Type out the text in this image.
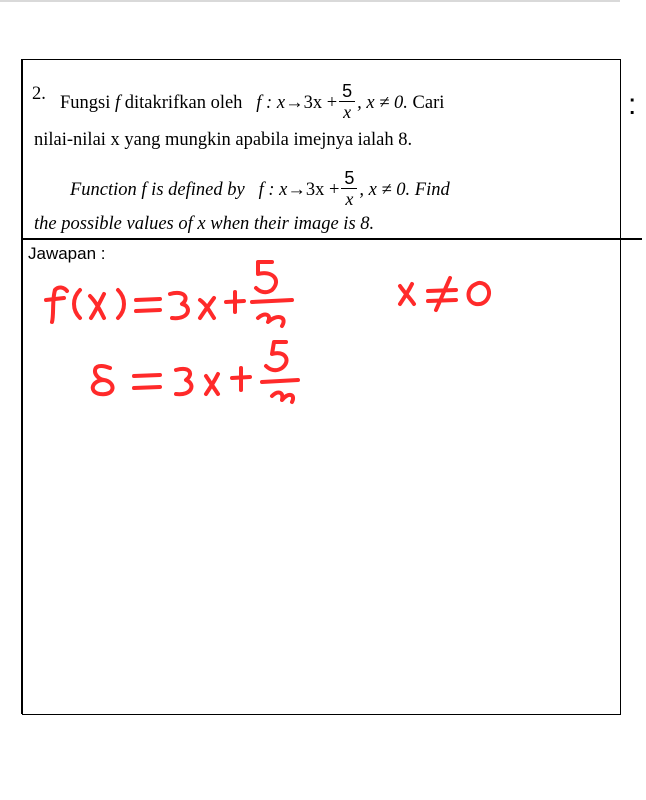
:
2. Fungsi f ditakrifkan oleh f : $x\to 3x + \frac{5}{x}$ , x ≠ 0. Cari
nilai-nilai x yang mungkin apabila imejnya ialah 8.
Function f is defined by f : $x\to 3x + \frac{5}{x}$ , x ≠ 0. Find
the possible values of x when their image is 8.
Jawapan :
